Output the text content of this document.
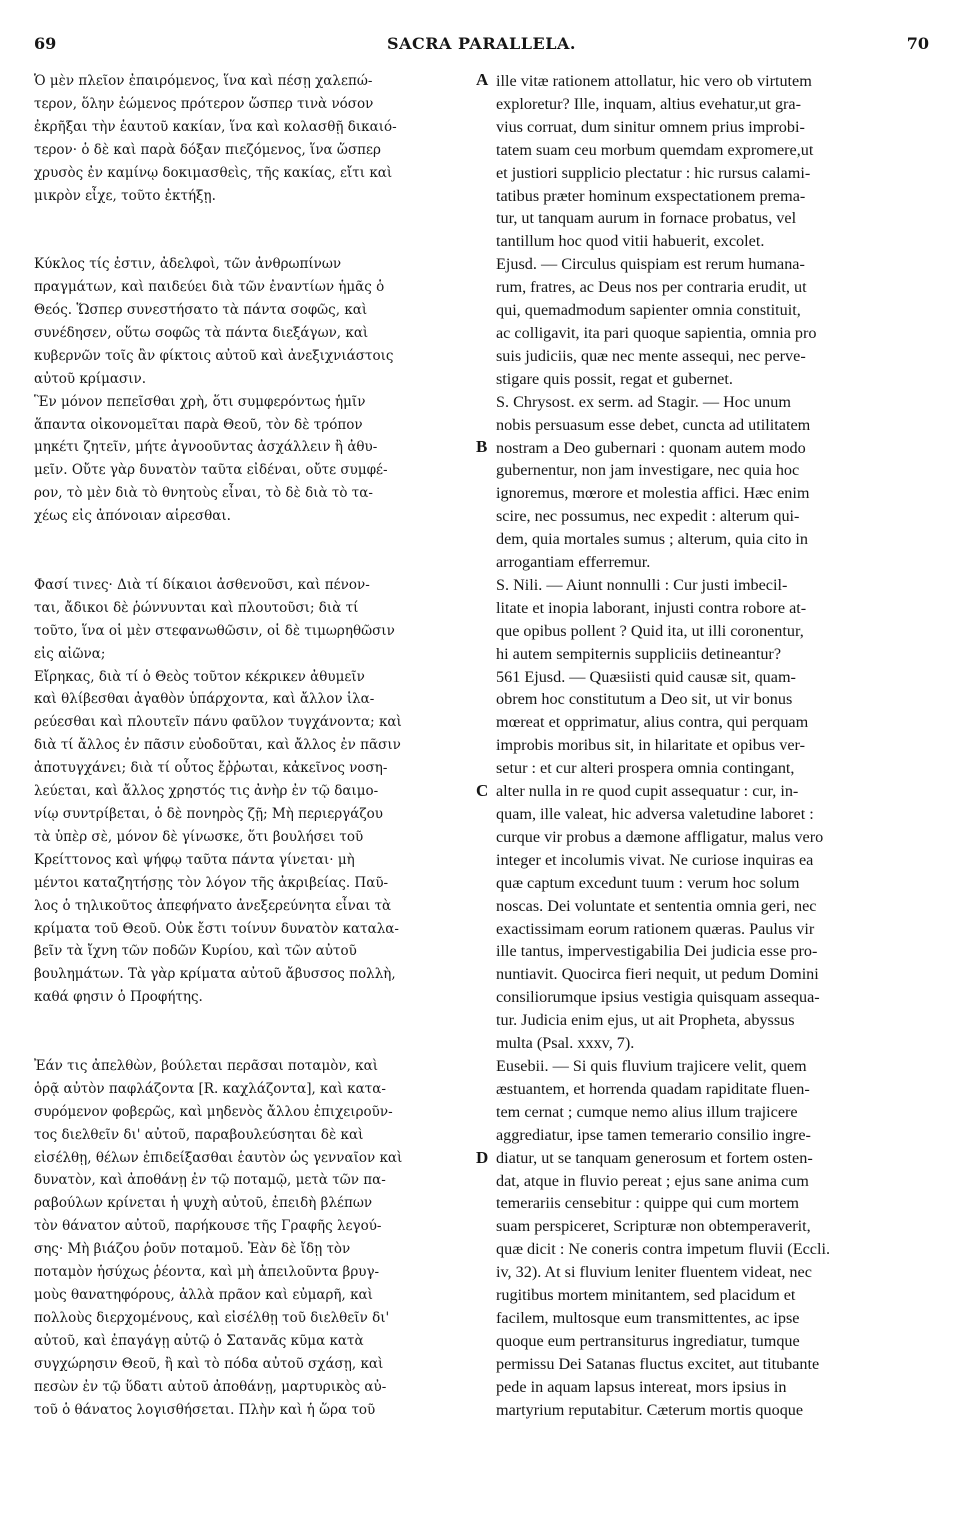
69	SACRA PARALLELA.	70
A
B
C
D
Ὁ μὲν πλεῖον ἐπαιρόμενος, ἵνα καὶ πέσῃ χαλεπώ-
τερον, ὅλην ἐώμενος πρότερον ὥσπερ τινὰ νόσον
ἐκρῆξαι τὴν ἑαυτοῦ κακίαν, ἵνα καὶ κολασθῇ δικαιό-
τερον· ὁ δὲ καὶ παρὰ δόξαν πιεζόμενος, ἵνα ὥσπερ
χρυσὸς ἐν καμίνῳ δοκιμασθεὶς, τῆς κακίας, εἴτι καὶ
μικρὸν εἶχε, τοῦτο ἐκτήξῃ.
Κύκλος τίς ἐστιν, ἀδελφοὶ, τῶν ἀνθρωπίνων
πραγμάτων, καὶ παιδεύει διὰ τῶν ἐναντίων ἡμᾶς ὁ
Θεός. Ὥσπερ συνεστήσατο τὰ πάντα σοφῶς, καὶ
συνέδησεν, οὕτω σοφῶς τὰ πάντα διεξάγων, καὶ
κυβερνῶν τοῖς ἂν φίκτοις αὐτοῦ καὶ ἀνεξιχνιάστοις
αὐτοῦ κρίμασιν.
Ἓν μόνον πεπεῖσθαι χρὴ, ὅτι συμφερόντως ἡμῖν
ἅπαντα οἰκονομεῖται παρὰ Θεοῦ, τὸν δὲ τρόπον
μηκέτι ζητεῖν, μήτε ἀγνοοῦντας ἀσχάλλειν ἢ ἀθυ-
μεῖν. Οὔτε γὰρ δυνατὸν ταῦτα εἰδέναι, οὔτε συμφέ-
ρον, τὸ μὲν διὰ τὸ θνητοὺς εἶναι, τὸ δὲ διὰ τὸ τα-
χέως εἰς ἀπόνοιαν αἱρεσθαι.
Φασί τινες· Διὰ τί δίκαιοι ἀσθενοῦσι, καὶ πένον-
ται, ἄδικοι δὲ ῥώννυνται καὶ πλουτοῦσι; διὰ τί
τοῦτο, ἵνα οἱ μὲν στεφανωθῶσιν, οἱ δὲ τιμωρηθῶσιν
εἰς αἰῶνα;
Εἴρηκας, διὰ τί ὁ Θεὸς τοῦτον κέκρικεν ἀθυμεῖν
καὶ θλίβεσθαι ἀγαθὸν ὑπάρχοντα, καὶ ἄλλον ἱλα-
ρεύεσθαι καὶ πλουτεῖν πάνυ φαῦλον τυγχάνοντα; καὶ
διὰ τί ἄλλος ἐν πᾶσιν εὐοδοῦται, καὶ ἄλλος ἐν πᾶσιν
ἀποτυγχάνει; διὰ τί οὗτος ἔῤῥωται, κἀκεῖνος νοση-
λεύεται, καὶ ἄλλος χρηστός τις ἀνὴρ ἐν τῷ δαιμο-
νίῳ συντρίβεται, ὁ δὲ πονηρὸς ζῇ; Μὴ περιεργάζου
τὰ ὑπὲρ σὲ, μόνον δὲ γίνωσκε, ὅτι βουλήσει τοῦ
Κρείττονος καὶ ψήφῳ ταῦτα πάντα γίνεται· μὴ
μέντοι καταζητήσῃς τὸν λόγον τῆς ἀκριβείας. Παῦ-
λος ὁ τηλικοῦτος ἀπεφήνατο ἀνεξερεύνητα εἶναι τὰ
κρίματα τοῦ Θεοῦ. Οὐκ ἔστι τοίνυν δυνατὸν καταλα-
βεῖν τὰ ἴχνη τῶν ποδῶν Κυρίου, καὶ τῶν αὐτοῦ
βουλημάτων. Τὰ γὰρ κρίματα αὐτοῦ ἄβυσσος πολλὴ,
καθά φησιν ὁ Προφήτης.
Ἐάν τις ἀπελθὼν, βούλεται περᾶσαι ποταμὸν, καὶ
ὁρᾷ αὐτὸν παφλάζοντα [R. καχλάζοντα], καὶ κατα-
συρόμενον φοβερῶς, καὶ μηδενὸς ἄλλου ἐπιχειροῦν-
τος διελθεῖν δι' αὐτοῦ, παραβουλεύσηται δὲ καὶ
εἰσέλθῃ, θέλων ἐπιδείξασθαι ἑαυτὸν ὡς γενναῖον καὶ
δυνατὸν, καὶ ἀποθάνῃ ἐν τῷ ποταμῷ, μετὰ τῶν πα-
ραβούλων κρίνεται ἡ ψυχὴ αὐτοῦ, ἐπειδὴ βλέπων
τὸν θάνατον αὐτοῦ, παρήκουσε τῆς Γραφῆς λεγού-
σης· Μὴ βιάζου ῥοῦν ποταμοῦ. Ἐὰν δὲ ἴδῃ τὸν
ποταμὸν ἡσύχως ῥέοντα, καὶ μὴ ἀπειλοῦντα βρυγ-
μοὺς θανατηφόρους, ἀλλὰ πρᾶον καὶ εὐμαρῆ, καὶ
πολλοὺς διερχομένους, καὶ εἰσέλθῃ τοῦ διελθεῖν δι'
αὐτοῦ, καὶ ἐπαγάγῃ αὐτῷ ὁ Σατανᾶς κῦμα κατὰ
συγχώρησιν Θεοῦ, ἢ καὶ τὸ πόδα αὐτοῦ σχάσῃ, καὶ
πεσὼν ἐν τῷ ὕδατι αὐτοῦ ἀποθάνῃ, μαρτυρικὸς αὐ-
τοῦ ὁ θάνατος λογισθήσεται. Πλὴν καὶ ἡ ὥρα τοῦ
ille vitæ rationem attollatur, hic vero ob virtutem
exploretur? Ille, inquam, altius evehatur,ut gra-
vius corruat, dum sinitur omnem prius improbi-
tatem suam ceu morbum quemdam expromere,ut
et justiori supplicio plectatur : hic rursus calami-
tatibus præter hominum exspectationem prema-
tur, ut tanquam aurum in fornace probatus, vel
tantillum hoc quod vitii habuerit, excolet.
Ejusd. — Circulus quispiam est rerum humana-
rum, fratres, ac Deus nos per contraria erudit, ut
qui, quemadmodum sapienter omnia constituit,
ac colligavit, ita pari quoque sapientia, omnia pro
suis judiciis, quæ nec mente assequi, nec perve-
stigare quis possit, regat et gubernet.
S. Chrysost. ex serm. ad Stagir. — Hoc unum
nobis persuasum esse debet, cuncta ad utilitatem
nostram a Deo gubernari : quonam autem modo
gubernentur, non jam investigare, nec quia hoc
ignoremus, mœrore et molestia affici. Hæc enim
scire, nec possumus, nec expedit : alterum qui-
dem, quia mortales sumus ; alterum, quia cito in
arrogantiam efferremur.
S. Nili. — Aiunt nonnulli : Cur justi imbecil-
litate et inopia laborant, injusti contra robore at-
que opibus pollent ? Quid ita, ut illi coronentur,
hi autem sempiternis suppliciis detineantur?
561 Ejusd. — Quæsiisti quid causæ sit, quam-
obrem hoc constitutum a Deo sit, ut vir bonus
mœreat et opprimatur, alius contra, qui perquam
improbis moribus sit, in hilaritate et opibus ver-
setur : et cur alteri prospera omnia contingant,
alter nulla in re quod cupit assequatur : cur, in-
quam, ille valeat, hic adversa valetudine laboret :
curque vir probus a dæmone affligatur, malus vero
integer et incolumis vivat. Ne curiose inquiras ea
quæ captum excedunt tuum : verum hoc solum
noscas. Dei voluntate et sententia omnia geri, nec
exactissimam eorum rationem quæras. Paulus vir
ille tantus, impervestigabilia Dei judicia esse pro-
nuntiavit. Quocirca fieri nequit, ut pedum Domini
consiliorumque ipsius vestigia quisquam assequa-
tur. Judicia enim ejus, ut ait Propheta, abyssus
multa (Psal. xxxv, 7).
Eusebii. — Si quis fluvium trajicere velit, quem
æstuantem, et horrenda quadam rapiditate fluen-
tem cernat ; cumque nemo alius illum trajicere
aggrediatur, ipse tamen temerario consilio ingre-
diatur, ut se tanquam generosum et fortem osten-
dat, atque in fluvio pereat ; ejus sane anima cum
temerariis censebitur : quippe qui cum mortem
suam perspiceret, Scripturæ non obtemperaverit,
quæ dicit : Ne coneris contra impetum fluvii (Eccli.
iv, 32). At si fluvium leniter fluentem videat, nec
rugitibus mortem minitantem, sed placidum et
facilem, multosque eum transmittentes, ac ipse
quoque eum pertransiturus ingrediatur, tumque
permissu Dei Satanas fluctus excitet, aut titubante
pede in aquam lapsus intereat, mors ipsius in
martyrium reputabitur. Cæterum mortis quoque
